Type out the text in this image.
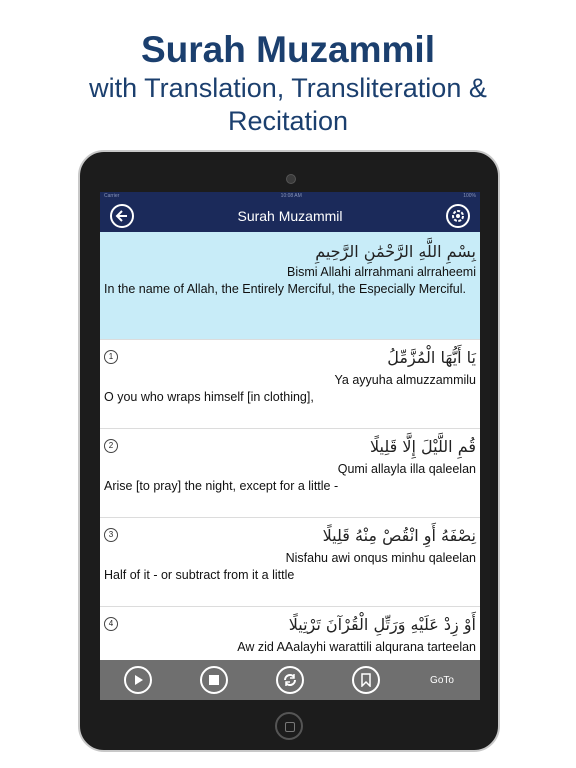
Surah Muzammil
with Translation, Transliteration &
Recitation
Carrier	10:08 AM	100%
Surah Muzammil
بِسْمِ اللَّهِ الرَّحْمَٰنِ الرَّحِيمِ
Bismi Allahi alrrahmani alrraheemi
In the name of Allah, the Entirely Merciful, the Especially Merciful.
1	يَا أَيُّهَا الْمُزَّمِّلُ
Ya ayyuha almuzzammilu
O you who wraps himself [in clothing],
2	قُمِ اللَّيْلَ إِلَّا قَلِيلًا
Qumi allayla illa qaleelan
Arise [to pray] the night, except for a little -
3	نِصْفَهُ أَوِ انْقُصْ مِنْهُ قَلِيلًا
Nisfahu awi onqus minhu qaleelan
Half of it - or subtract from it a little
4	أَوْ زِدْ عَلَيْهِ وَرَتِّلِ الْقُرْآنَ تَرْتِيلًا
Aw zid AAalayhi warattili alqurana tarteelan
GoTo
